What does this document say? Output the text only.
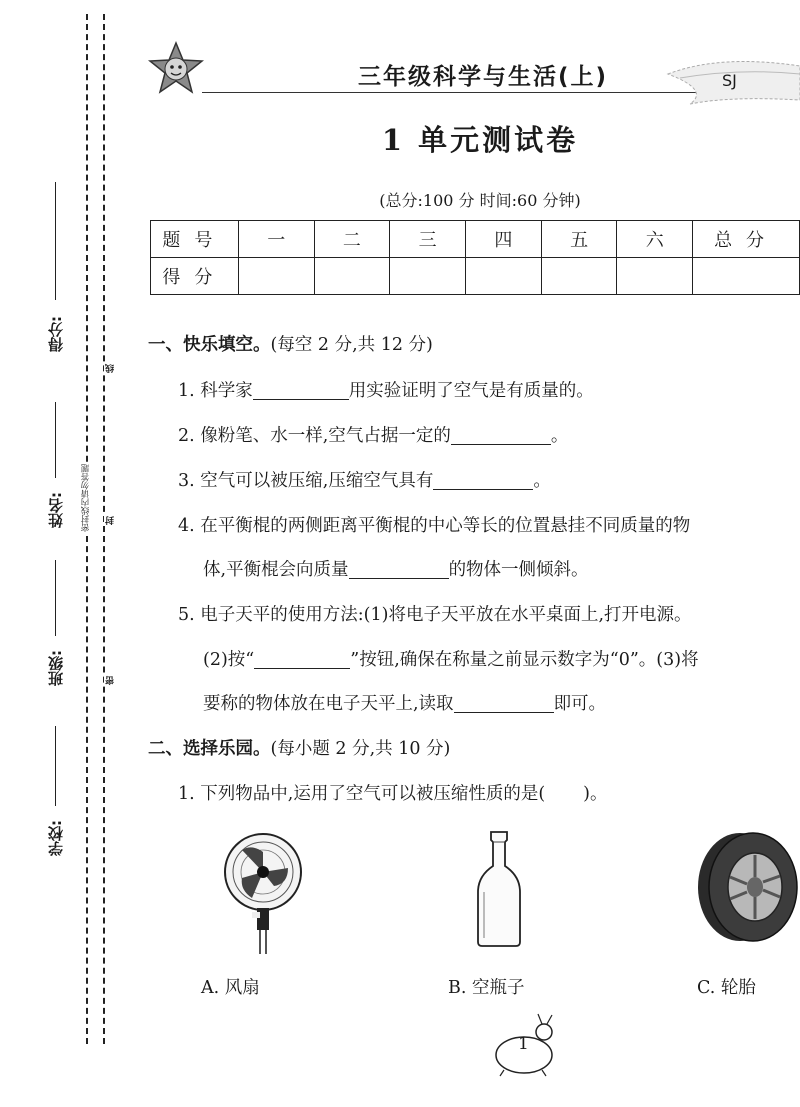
得分:
姓名:
班级:
学校:
线
封
密
密封线内请勿答题
三年级科学与生活(上)	SJ
1 单元测试卷
(总分:100 分 时间:60 分钟)
题号	一	二	三	四	五	六	总分
得分							
一、快乐填空。(每空 2 分,共 12 分)
1. 科学家	用实验证明了空气是有质量的。
2. 像粉笔、水一样,空气占据一定的	。
3. 空气可以被压缩,压缩空气具有	。
4. 在平衡棍的两侧距离平衡棍的中心等长的位置悬挂不同质量的物
体,平衡棍会向质量	的物体一侧倾斜。
5. 电子天平的使用方法:(1)将电子天平放在水平桌面上,打开电源。
(2)按“	”按钮,确保在称量之前显示数字为“0”。(3)将
要称的物体放在电子天平上,读取	即可。
二、选择乐园。(每小题 2 分,共 10 分)
1. 下列物品中,运用了空气可以被压缩性质的是( )。
A. 风扇	B. 空瓶子	C. 轮胎
1
